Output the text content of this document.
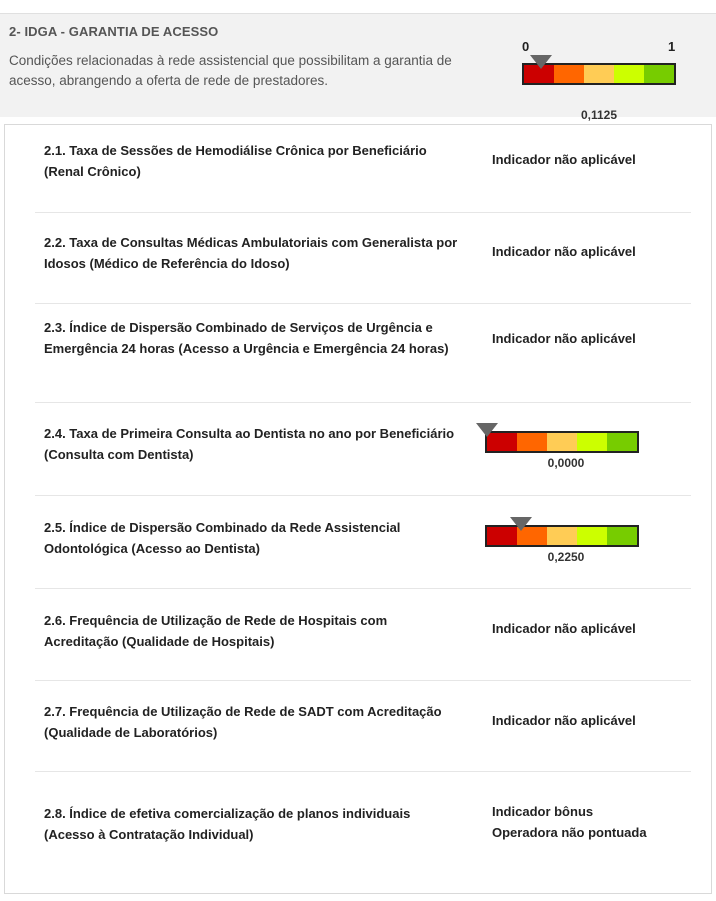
2- IDGA - GARANTIA DE ACESSO
Condições relacionadas à rede assistencial que possibilitam a garantia de acesso, abrangendo a oferta de rede de prestadores.
0	1
0,1125
2.1. Taxa de Sessões de Hemodiálise Crônica por Beneficiário (Renal Crônico)
Indicador não aplicável
2.2. Taxa de Consultas Médicas Ambulatoriais com Generalista por Idosos (Médico de Referência do Idoso)
Indicador não aplicável
2.3. Índice de Dispersão Combinado de Serviços de Urgência e Emergência 24 horas (Acesso a Urgência e Emergência 24 horas)
Indicador não aplicável
2.4. Taxa de Primeira Consulta ao Dentista no ano por Beneficiário (Consulta com Dentista)
0,0000
2.5. Índice de Dispersão Combinado da Rede Assistencial Odontológica (Acesso ao Dentista)
0,2250
2.6. Frequência de Utilização de Rede de Hospitais com Acreditação (Qualidade de Hospitais)
Indicador não aplicável
2.7. Frequência de Utilização de Rede de SADT com Acreditação (Qualidade de Laboratórios)
Indicador não aplicável
2.8. Índice de efetiva comercialização de planos individuais (Acesso à Contratação Individual)
Indicador bônus
Operadora não pontuada
